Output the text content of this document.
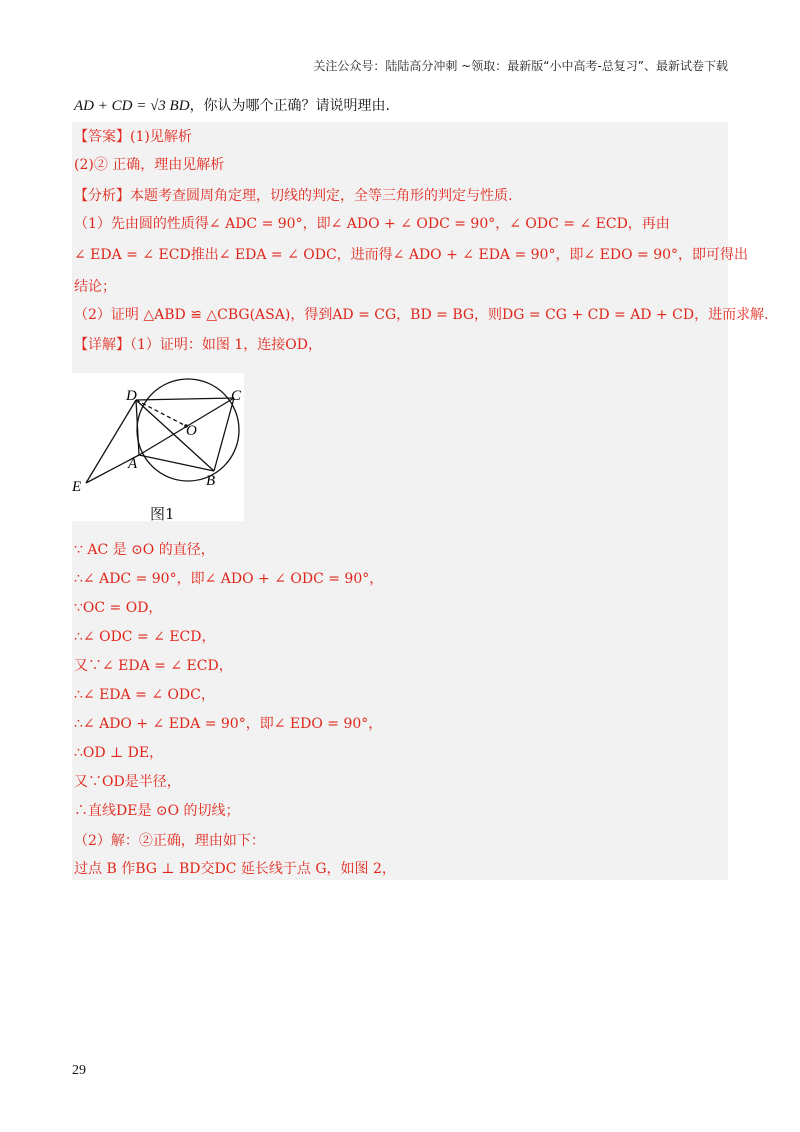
关注公众号：陆陆高分冲刺 ~领取：最新版“小中高考-总复习”、最新试卷下载
AD + CD = √3 BD，你认为哪个正确？请说明理由.
【答案】(1)见解析
(2)② 正确，理由见解析
【分析】本题考查圆周角定理，切线的判定，全等三角形的判定与性质.
（1）先由圆的性质得∠ ADC = 90°，即∠ ADO + ∠ ODC = 90°，∠ ODC = ∠ ECD，再由
∠ EDA = ∠ ECD推出∠ EDA = ∠ ODC，进而得∠ ADO + ∠ EDA = 90°，即∠ EDO = 90°，即可得出
结论；
（2）证明 △ABD ≌ △CBG(ASA)，得到AD = CG，BD = BG，则DG = CG + CD = AD + CD，进而求解.
【详解】（1）证明：如图 1，连接OD，
D	C
O
A
B
E
图1
∵ AC 是 ⊙O 的直径，
∴∠ ADC = 90°，即∠ ADO + ∠ ODC = 90°，
∵OC = OD，
∴∠ ODC = ∠ ECD，
又∵∠ EDA = ∠ ECD，
∴∠ EDA = ∠ ODC，
∴∠ ADO + ∠ EDA = 90°，即∠ EDO = 90°，
∴OD ⊥ DE，
又∵OD是半径，
∴直线DE是 ⊙O 的切线；
（2）解：②正确，理由如下：
过点 B 作BG ⊥ BD交DC 延长线于点 G，如图 2，
29
